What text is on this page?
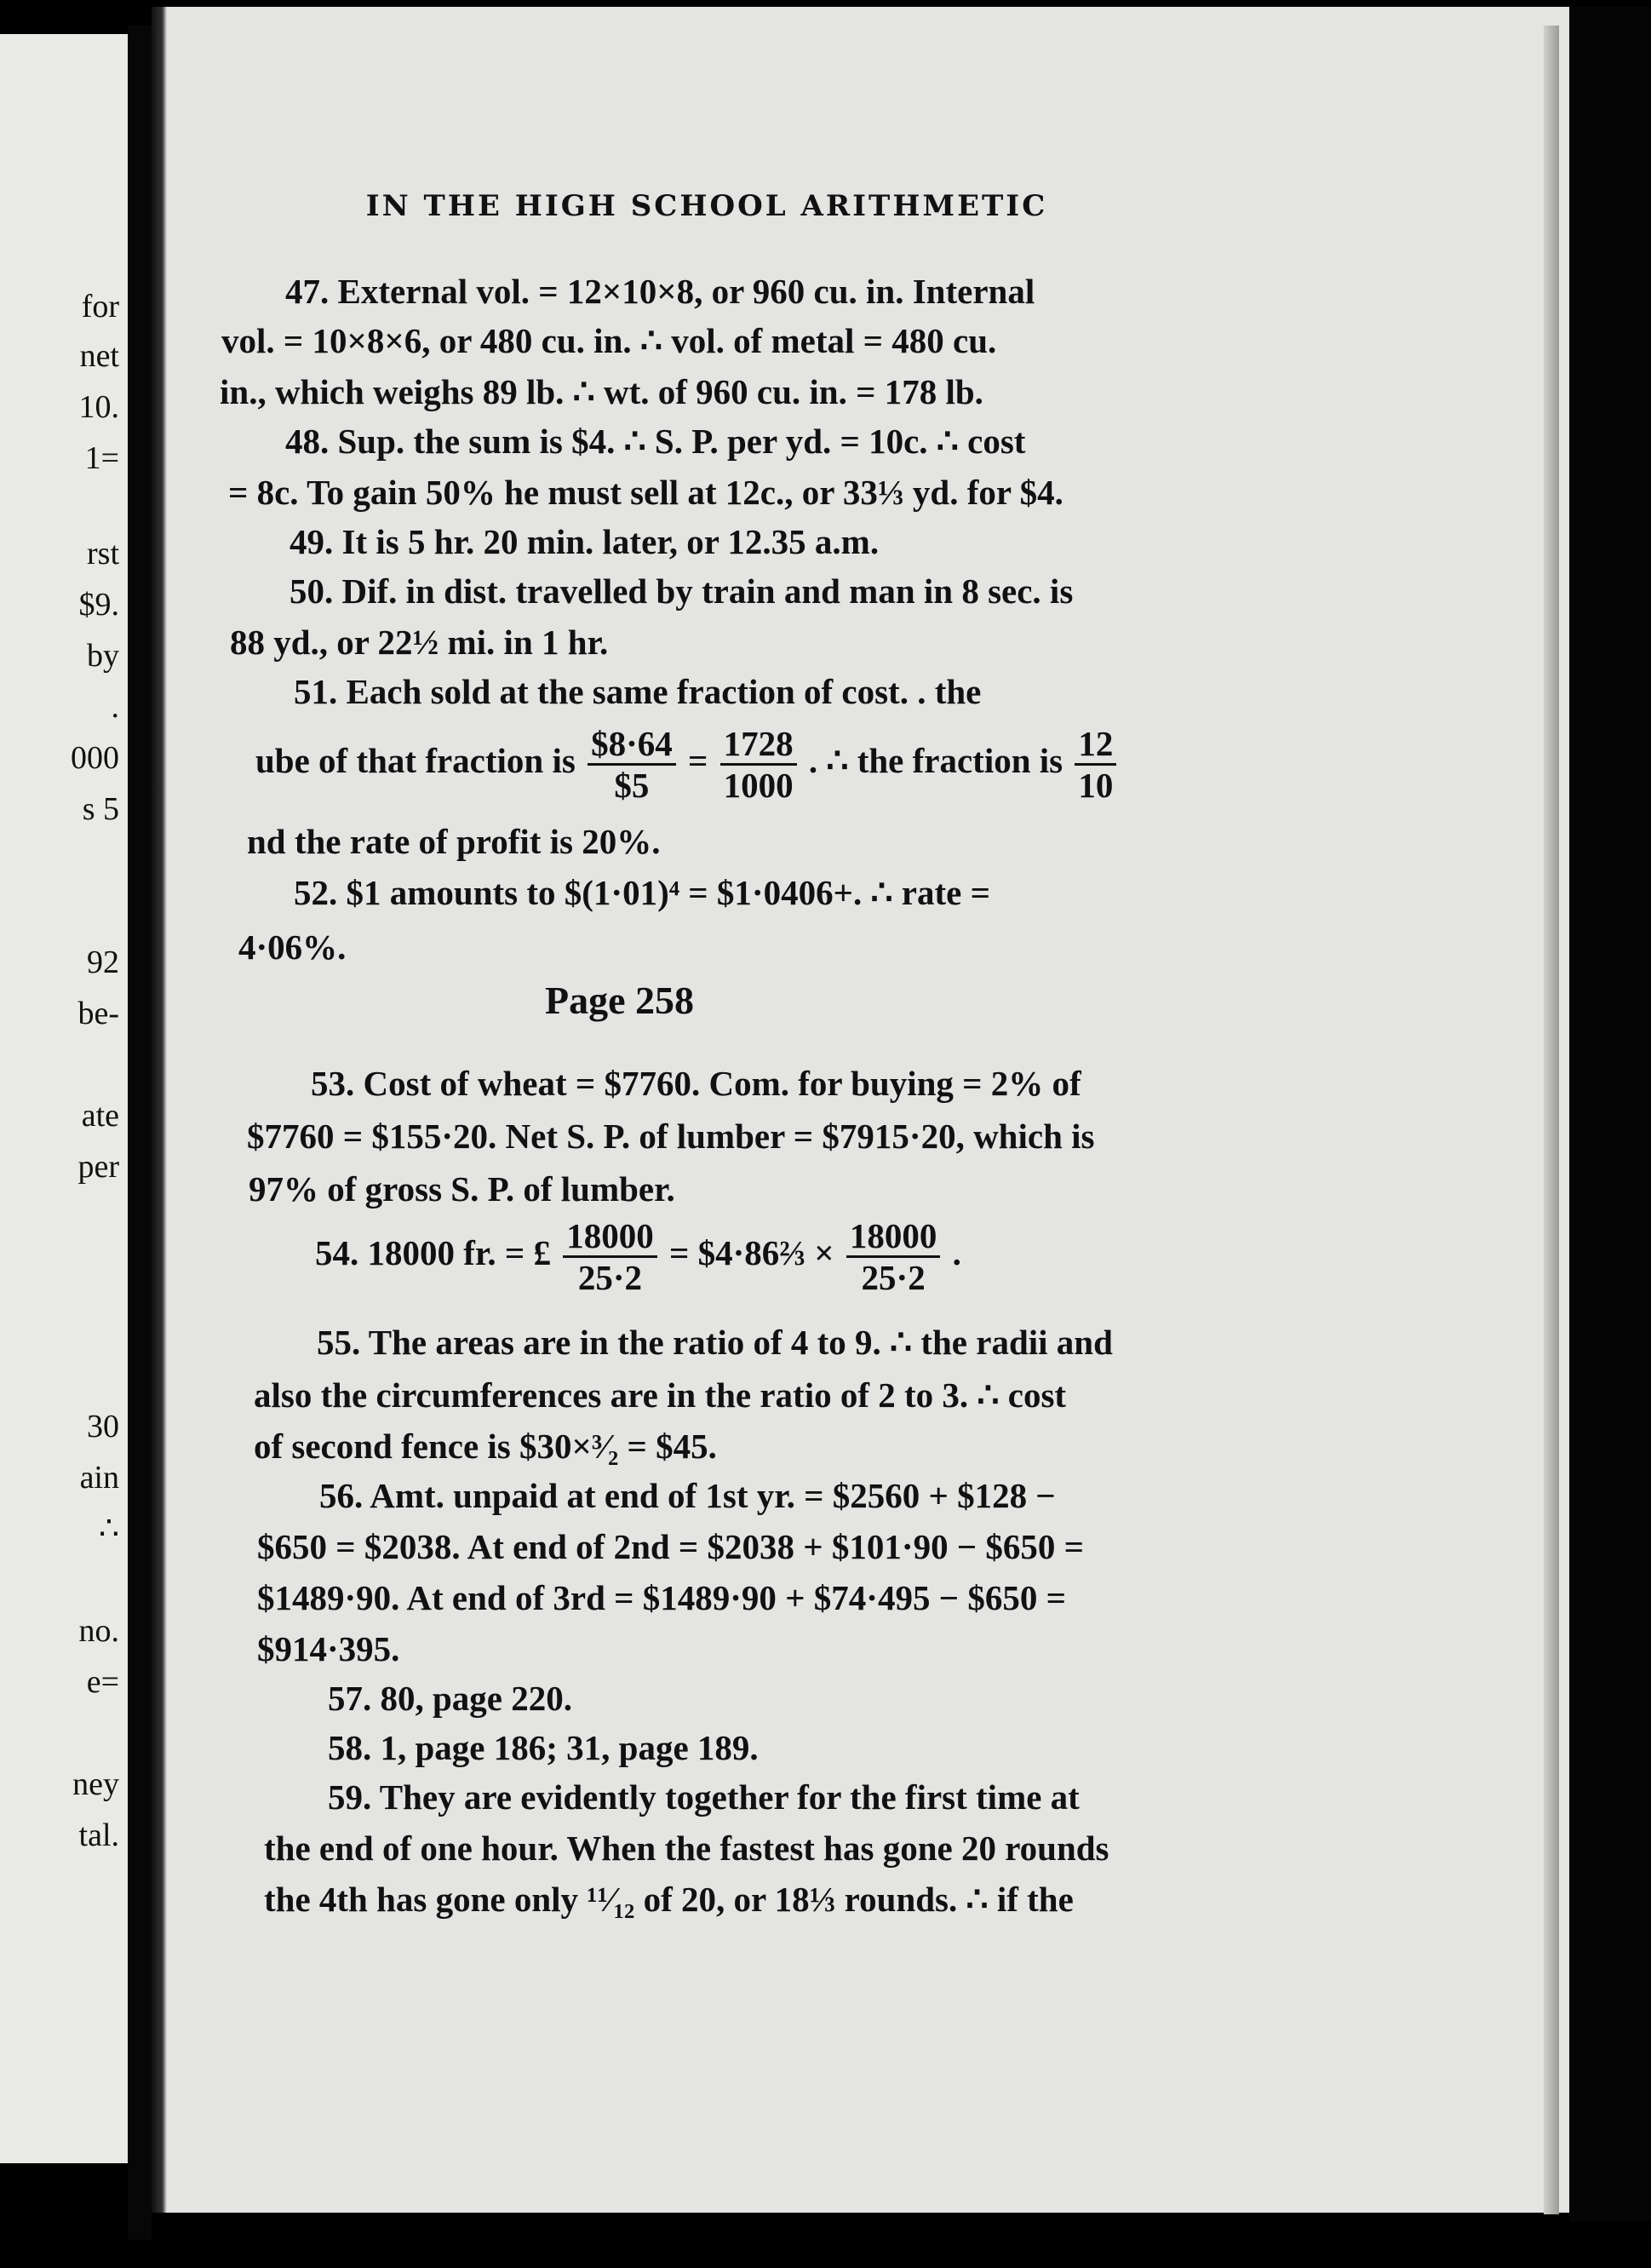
for
net
10.
1=
rst
$9.
by
.
000
s 5
92
be-
ate
per
30
ain
∴
no.
e=
ney
tal.
IN THE HIGH SCHOOL ARITHMETIC
47. External vol. = 12×10×8, or 960 cu. in. Internal
vol. = 10×8×6, or 480 cu. in. ∴ vol. of metal = 480 cu.
in., which weighs 89 lb. ∴ wt. of 960 cu. in. = 178 lb.
48. Sup. the sum is $4. ∴ S. P. per yd. = 10c. ∴ cost
= 8c. To gain 50% he must sell at 12c., or 33⅓ yd. for $4.
49. It is 5 hr. 20 min. later, or 12.35 a.m.
50. Dif. in dist. travelled by train and man in 8 sec. is
88 yd., or 22½ mi. in 1 hr.
51. Each sold at the same fraction of cost. . the
ube of that fraction is $\frac{\$8\cdot 64}{\$5} = \frac{1728}{1000}$ . ∴ the fraction is $\frac{12}{10}$
nd the rate of profit is 20%.
52. $1 amounts to $(1·01)⁴ = $1·0406+. ∴ rate =
4·06%.
Page 258
53. Cost of wheat = $7760. Com. for buying = 2% of
$7760 = $155·20. Net S. P. of lumber = $7915·20, which is
97% of gross S. P. of lumber.
54. 18000 fr. = £ $\frac{18000}{25\cdot 2}$ = $4·86⅔ × $\frac{18000}{25\cdot 2}$ .
55. The areas are in the ratio of 4 to 9. ∴ the radii and
also the circumferences are in the ratio of 2 to 3. ∴ cost
of second fence is $30×³⁄₂ = $45.
56. Amt. unpaid at end of 1st yr. = $2560 + $128 −
$650 = $2038. At end of 2nd = $2038 + $101·90 − $650 =
$1489·90. At end of 3rd = $1489·90 + $74·495 − $650 =
$914·395.
57. 80, page 220.
58. 1, page 186; 31, page 189.
59. They are evidently together for the first time at
the end of one hour. When the fastest has gone 20 rounds
the 4th has gone only ¹¹⁄₁₂ of 20, or 18⅓ rounds. ∴ if the
